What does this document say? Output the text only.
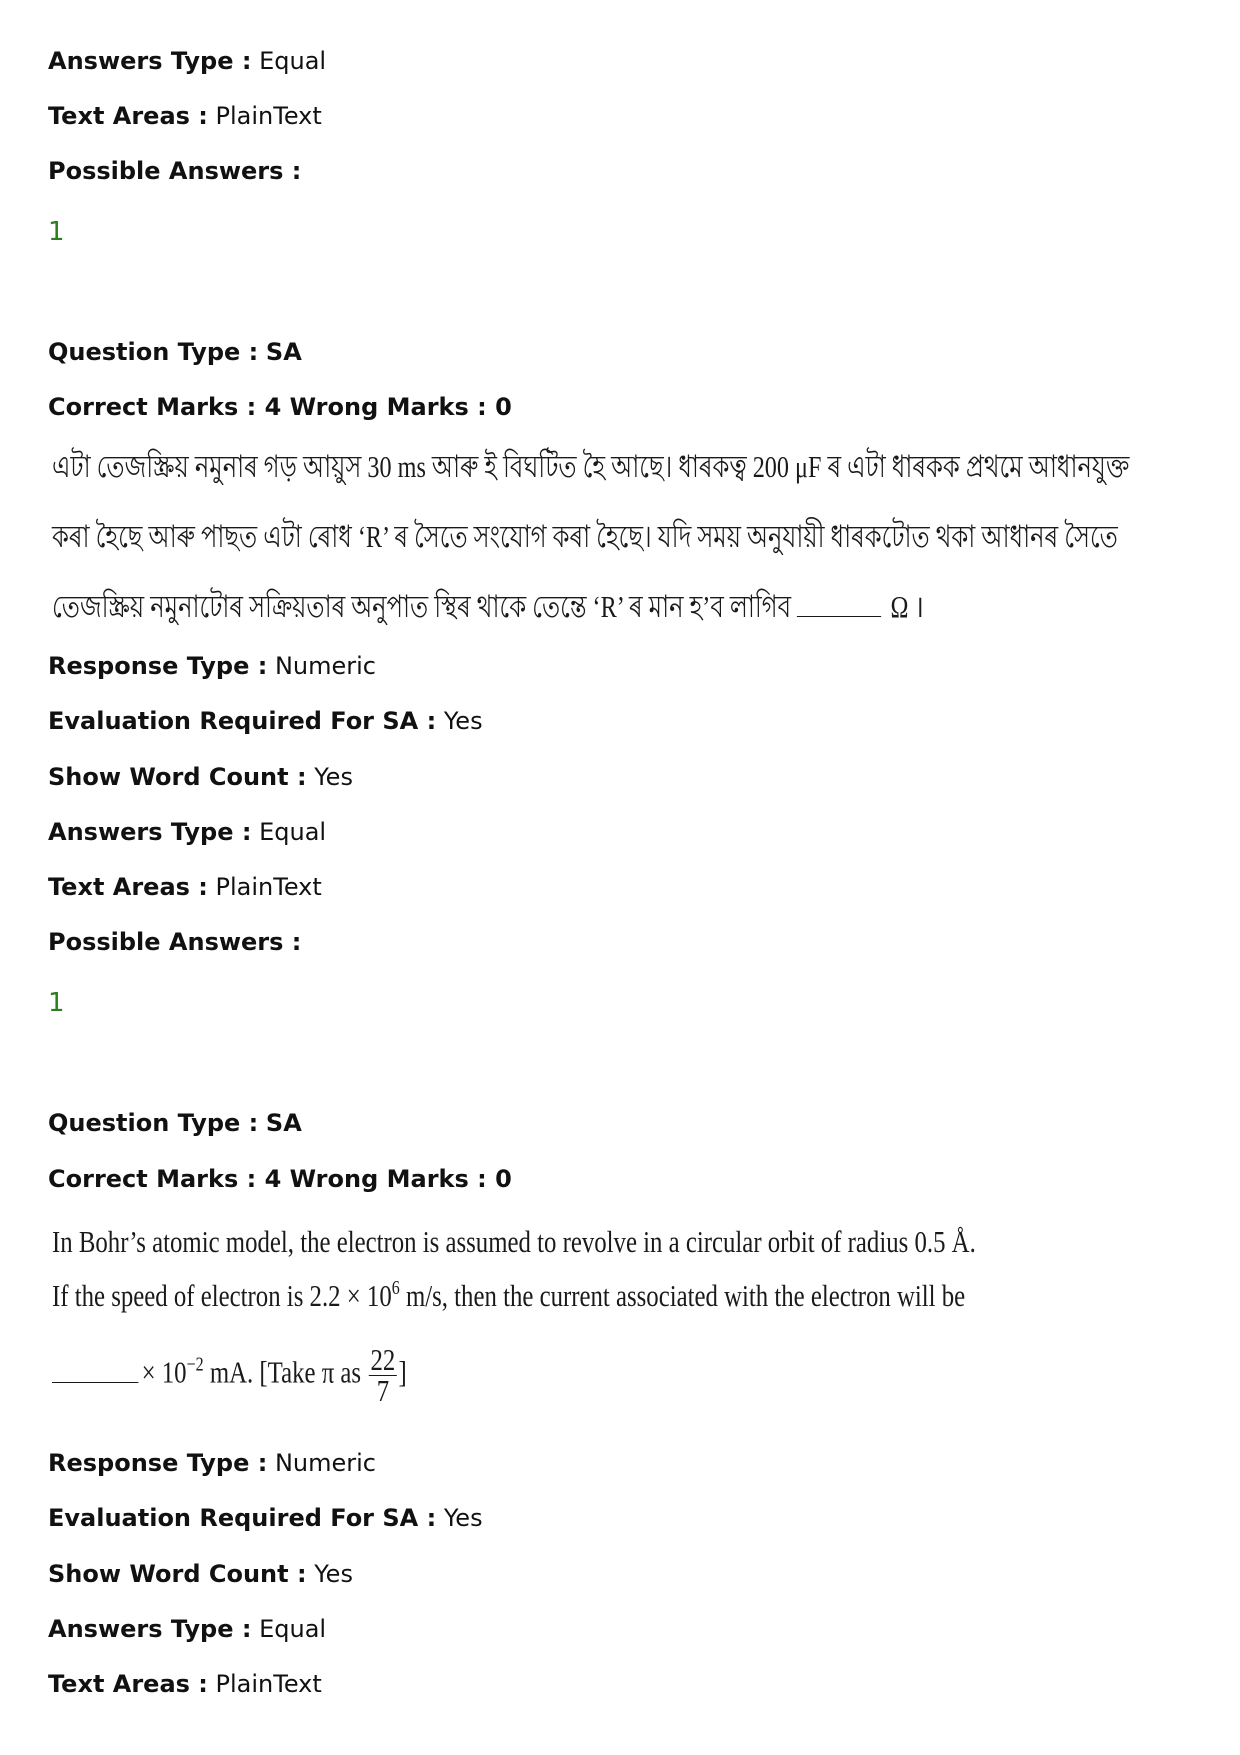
Answers Type : Equal
Text Areas : PlainText
Possible Answers :
1
Question Type : SA
Correct Marks : 4 Wrong Marks : 0
এটা তেজস্ক্রিয় নমুনাৰ গড় আয়ুস 30 ms আৰু ই বিঘটিত হৈ আছে। ধাৰকত্ব 200 μF ৰ এটা ধাৰকক প্ৰথমে আধানযুক্ত
কৰা হৈছে আৰু পাছত এটা ৰোধ ‘R’ ৰ সৈতে সংযোগ কৰা হৈছে। যদি সময় অনুযায়ী ধাৰকটোত থকা আধানৰ সৈতে
তেজস্ক্রিয় নমুনাটোৰ সক্রিয়তাৰ অনুপাত স্থিৰ থাকে তেন্তে ‘R’ ৰ মান হ’ব লাগিব	Ω ।
Response Type : Numeric
Evaluation Required For SA : Yes
Show Word Count : Yes
Answers Type : Equal
Text Areas : PlainText
Possible Answers :
1
Question Type : SA
Correct Marks : 4 Wrong Marks : 0
In Bohr’s atomic model, the electron is assumed to revolve in a circular orbit of radius 0.5 Å.
If the speed of electron is $2.2 \times 10^6$ m/s, then the current associated with the electron will be
× $10^{-2}$ mA. [Take π as $\frac{22}{7}$ ]
Response Type : Numeric
Evaluation Required For SA : Yes
Show Word Count : Yes
Answers Type : Equal
Text Areas : PlainText
